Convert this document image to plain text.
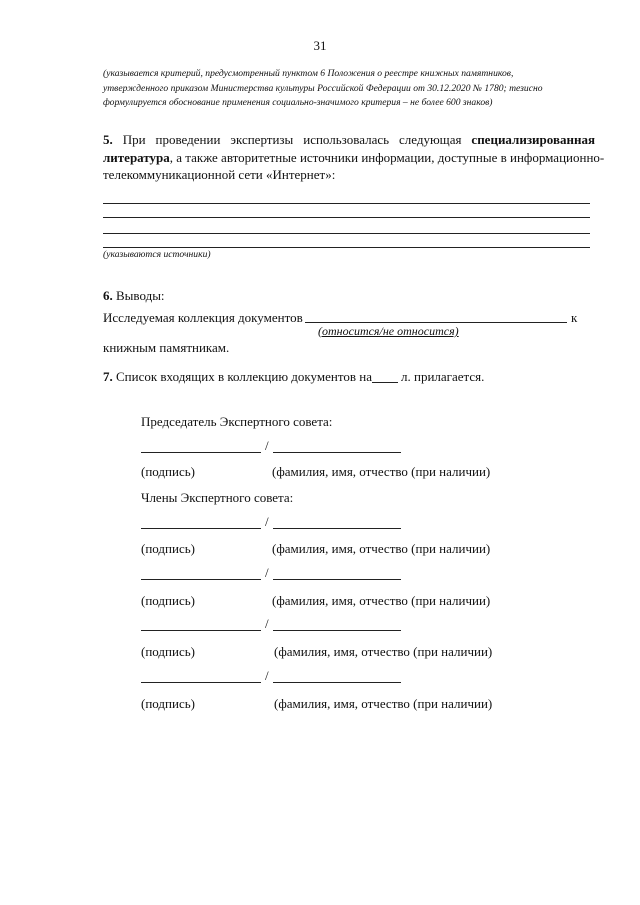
31
(указывается критерий, предусмотренный пунктом 6 Положения о реестре книжных памятников,
утвержденного приказом Министерства культуры Российской Федерации от 30.12.2020 № 1780; тезисно
формулируется обоснование применения социально-значимого критерия – не более 600 знаков)
5. При проведении экспертизы использовалась следующая специализированная
литература, а также авторитетные источники информации, доступные в информационно-
телекоммуникационной сети «Интернет»:
(указываются источники)
6. Выводы:
Исследуемая коллекция документов	к
(относится/не относится)
книжным памятникам.
7. Список входящих в коллекцию документов на л. прилагается.
Председатель Экспертного совета:
/
(подпись)	(фамилия, имя, отчество (при наличии)
Члены Экспертного совета:
/
(подпись)	(фамилия, имя, отчество (при наличии)
/
(подпись)	(фамилия, имя, отчество (при наличии)
/
(подпись)	(фамилия, имя, отчество (при наличии)
/
(подпись)	(фамилия, имя, отчество (при наличии)
